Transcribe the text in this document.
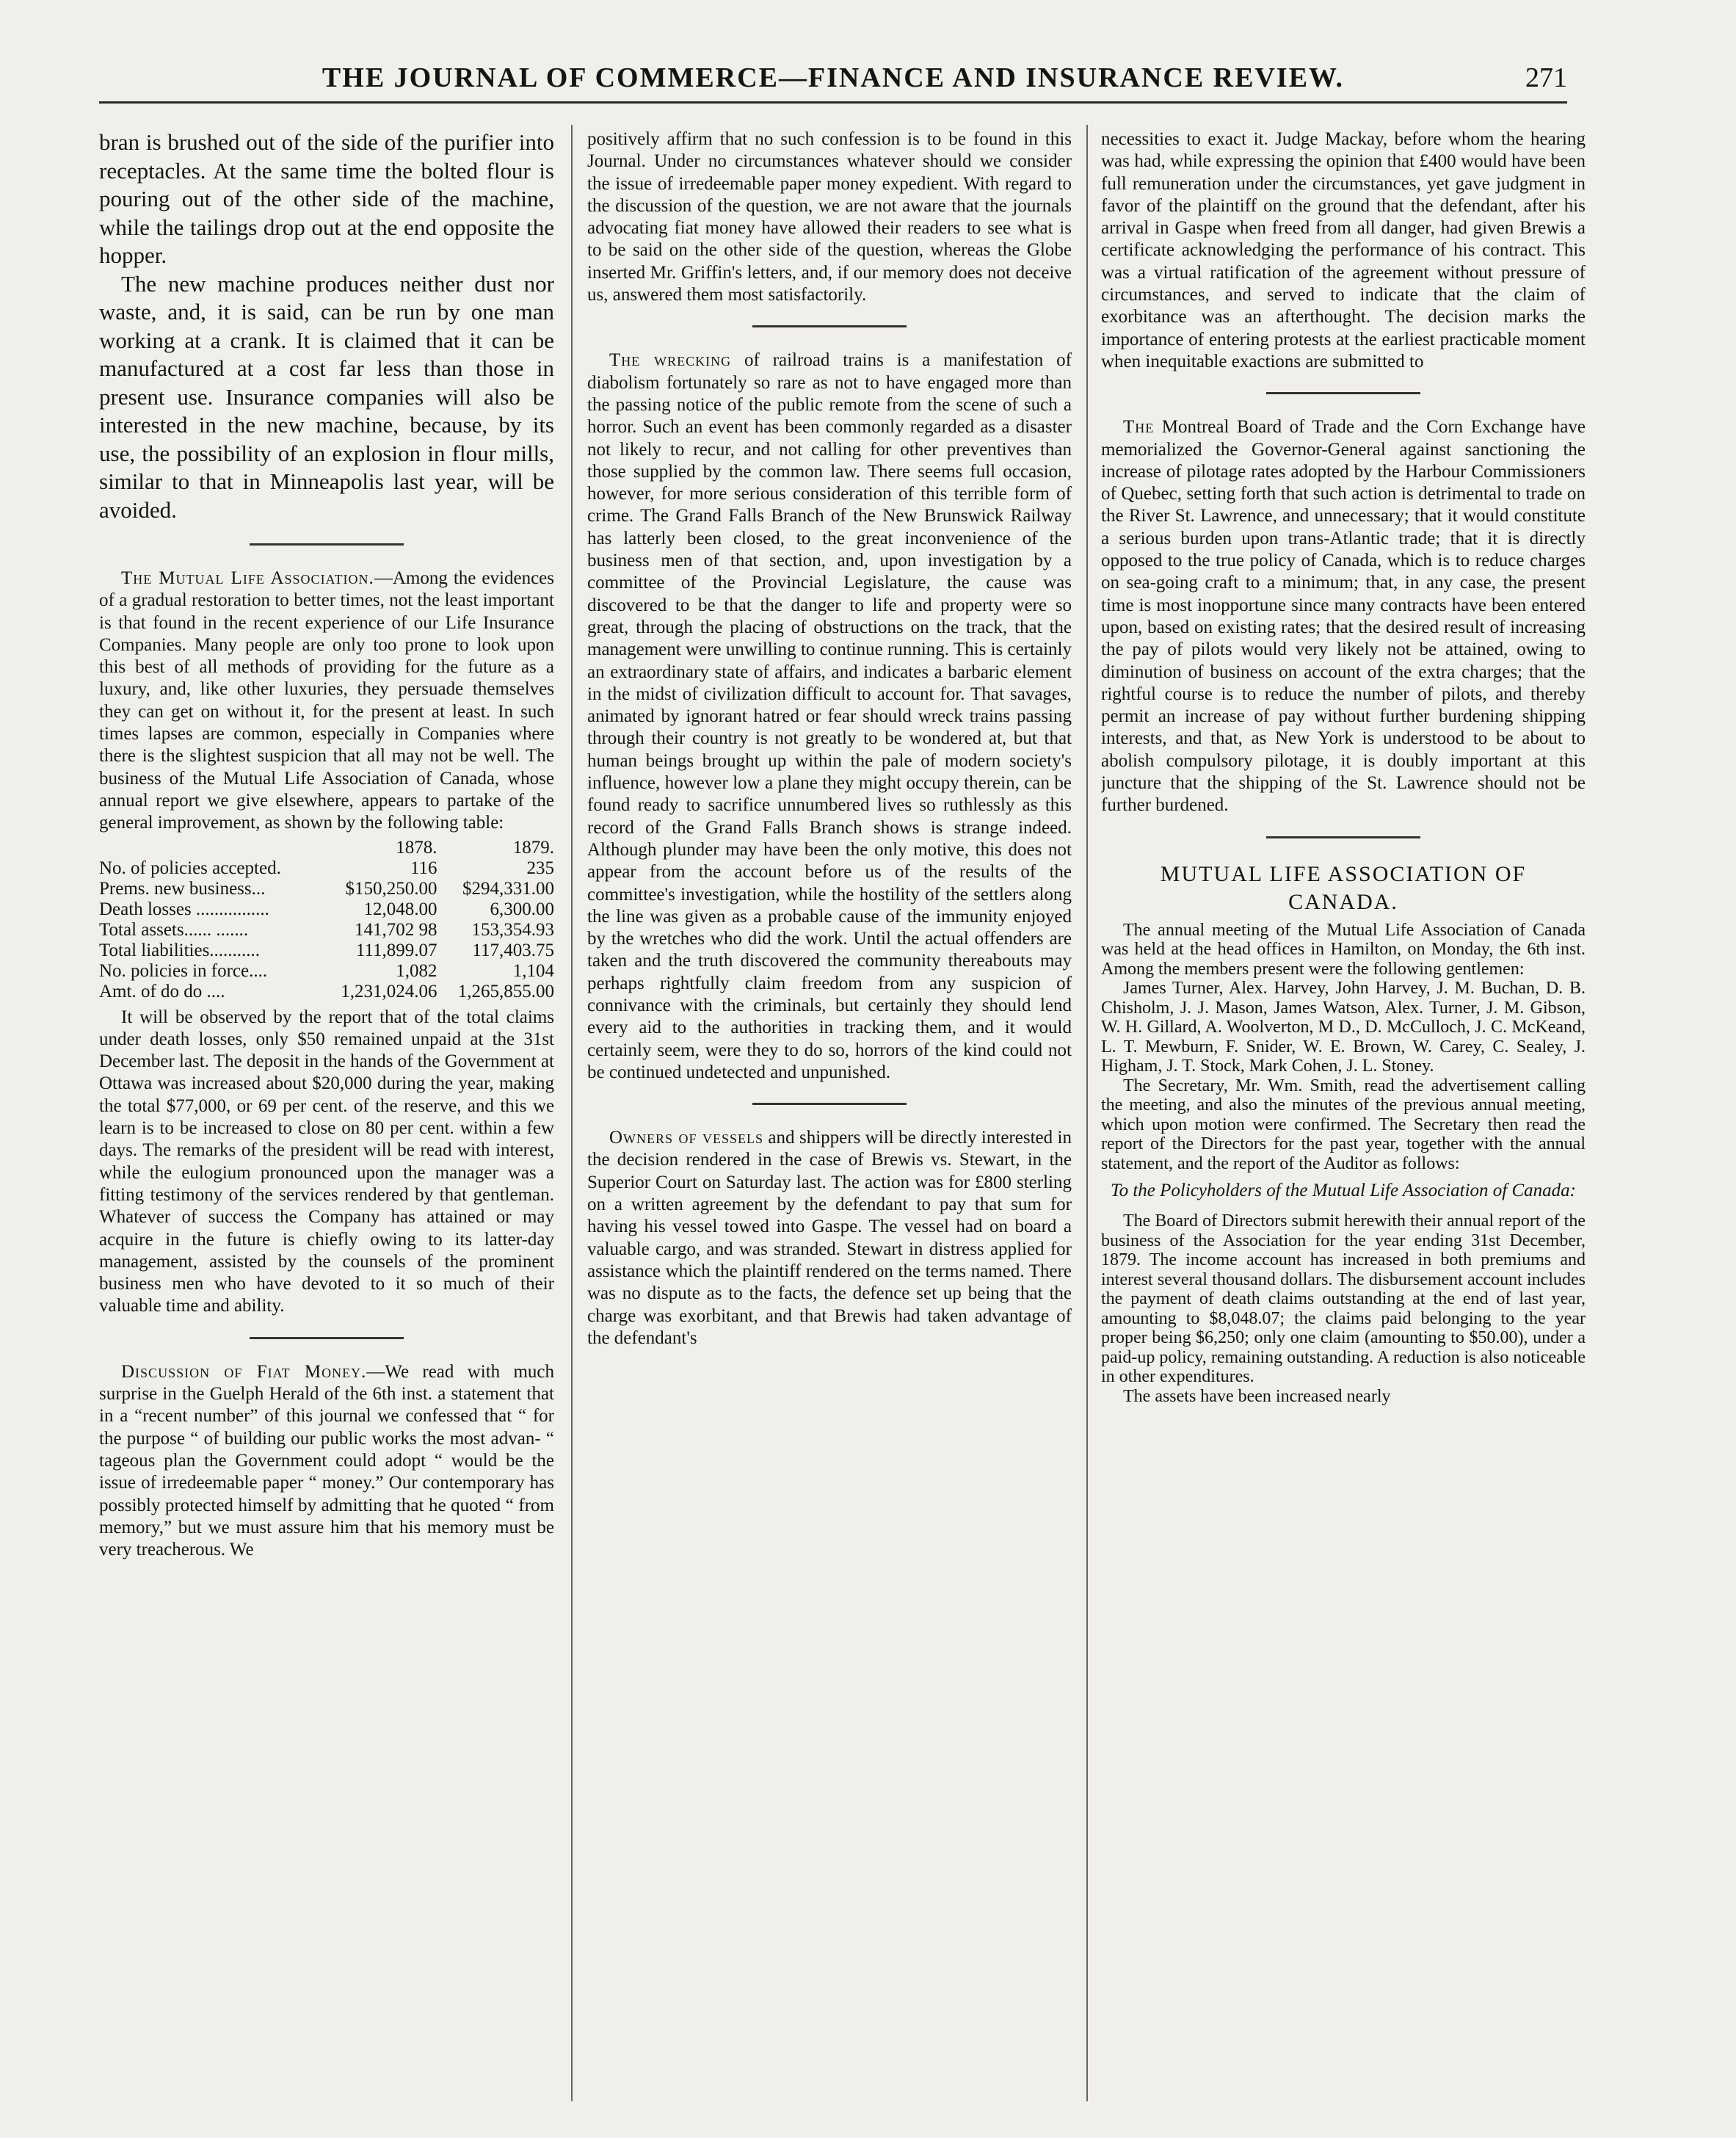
THE JOURNAL OF COMMERCE—FINANCE AND INSURANCE REVIEW.	271

bran is brushed out of the side of the purifier into receptacles. At the same time the bolted flour is pouring out of the other side of the machine, while the tailings drop out at the end opposite the hopper.

The new machine produces neither dust nor waste, and, it is said, can be run by one man working at a crank. It is claimed that it can be manufactured at a cost far less than those in present use. Insurance companies will also be interested in the new machine, because, by its use, the possibility of an explosion in flour mills, similar to that in Minneapolis last year, will be avoided.

The Mutual Life Association.—Among the evidences of a gradual restoration to better times, not the least important is that found in the recent experience of our Life Insurance Companies. Many people are only too prone to look upon this best of all methods of providing for the future as a luxury, and, like other luxuries, they persuade themselves they can get on without it, for the present at least. In such times lapses are common, especially in Companies where there is the slightest suspicion that all may not be well. The business of the Mutual Life Association of Canada, whose annual report we give elsewhere, appears to partake of the general improvement, as shown by the following table:

	1878.	1879.
No. of policies accepted.	116	235
Prems. new business...	$150,250.00	$294,331.00
Death losses ................	12,048.00	6,300.00
Total assets...... .......	141,702 98	153,354.93
Total liabilities...........	111,899.07	117,403.75
No. policies in force....	1,082	1,104
Amt. of do do ....	1,231,024.06	1,265,855.00

It will be observed by the report that of the total claims under death losses, only $50 remained unpaid at the 31st December last. The deposit in the hands of the Government at Ottawa was increased about $20,000 during the year, making the total $77,000, or 69 per cent. of the reserve, and this we learn is to be increased to close on 80 per cent. within a few days. The remarks of the president will be read with interest, while the eulogium pronounced upon the manager was a fitting testimony of the services rendered by that gentleman. Whatever of success the Company has attained or may acquire in the future is chiefly owing to its latter-day management, assisted by the counsels of the prominent business men who have devoted to it so much of their valuable time and ability.

Discussion of Fiat Money.—We read with much surprise in the Guelph Herald of the 6th inst. a statement that in a “recent number” of this journal we confessed that “ for the purpose “ of building our public works the most advan- “ tageous plan the Government could adopt “ would be the issue of irredeemable paper “ money.” Our contemporary has possibly protected himself by admitting that he quoted “ from memory,” but we must assure him that his memory must be very treacherous. We

positively affirm that no such confession is to be found in this Journal. Under no circumstances whatever should we consider the issue of irredeemable paper money expedient. With regard to the discussion of the question, we are not aware that the journals advocating fiat money have allowed their readers to see what is to be said on the other side of the question, whereas the Globe inserted Mr. Griffin's letters, and, if our memory does not deceive us, answered them most satisfactorily.

The wrecking of railroad trains is a manifestation of diabolism fortunately so rare as not to have engaged more than the passing notice of the public remote from the scene of such a horror. Such an event has been commonly regarded as a disaster not likely to recur, and not calling for other preventives than those supplied by the common law. There seems full occasion, however, for more serious consideration of this terrible form of crime. The Grand Falls Branch of the New Brunswick Railway has latterly been closed, to the great inconvenience of the business men of that section, and, upon investigation by a committee of the Provincial Legislature, the cause was discovered to be that the danger to life and property were so great, through the placing of obstructions on the track, that the management were unwilling to continue running. This is certainly an extraordinary state of affairs, and indicates a barbaric element in the midst of civilization difficult to account for. That savages, animated by ignorant hatred or fear should wreck trains passing through their country is not greatly to be wondered at, but that human beings brought up within the pale of modern society's influence, however low a plane they might occupy therein, can be found ready to sacrifice unnumbered lives so ruthlessly as this record of the Grand Falls Branch shows is strange indeed. Although plunder may have been the only motive, this does not appear from the account before us of the results of the committee's investigation, while the hostility of the settlers along the line was given as a probable cause of the immunity enjoyed by the wretches who did the work. Until the actual offenders are taken and the truth discovered the community thereabouts may perhaps rightfully claim freedom from any suspicion of connivance with the criminals, but certainly they should lend every aid to the authorities in tracking them, and it would certainly seem, were they to do so, horrors of the kind could not be continued undetected and unpunished.

Owners of vessels and shippers will be directly interested in the decision rendered in the case of Brewis vs. Stewart, in the Superior Court on Saturday last. The action was for £800 sterling on a written agreement by the defendant to pay that sum for having his vessel towed into Gaspe. The vessel had on board a valuable cargo, and was stranded. Stewart in distress applied for assistance which the plaintiff rendered on the terms named. There was no dispute as to the facts, the defence set up being that the charge was exorbitant, and that Brewis had taken advantage of the defendant's

necessities to exact it. Judge Mackay, before whom the hearing was had, while expressing the opinion that £400 would have been full remuneration under the circumstances, yet gave judgment in favor of the plaintiff on the ground that the defendant, after his arrival in Gaspe when freed from all danger, had given Brewis a certificate acknowledging the performance of his contract. This was a virtual ratification of the agreement without pressure of circumstances, and served to indicate that the claim of exorbitance was an afterthought. The decision marks the importance of entering protests at the earliest practicable moment when inequitable exactions are submitted to

The Montreal Board of Trade and the Corn Exchange have memorialized the Governor-General against sanctioning the increase of pilotage rates adopted by the Harbour Commissioners of Quebec, setting forth that such action is detrimental to trade on the River St. Lawrence, and unnecessary; that it would constitute a serious burden upon trans-Atlantic trade; that it is directly opposed to the true policy of Canada, which is to reduce charges on sea-going craft to a minimum; that, in any case, the present time is most inopportune since many contracts have been entered upon, based on existing rates; that the desired result of increasing the pay of pilots would very likely not be attained, owing to diminution of business on account of the extra charges; that the rightful course is to reduce the number of pilots, and thereby permit an increase of pay without further burdening shipping interests, and that, as New York is understood to be about to abolish compulsory pilotage, it is doubly important at this juncture that the shipping of the St. Lawrence should not be further burdened.

MUTUAL LIFE ASSOCIATION OF
CANADA.

The annual meeting of the Mutual Life Association of Canada was held at the head offices in Hamilton, on Monday, the 6th inst. Among the members present were the following gentlemen:

James Turner, Alex. Harvey, John Harvey, J. M. Buchan, D. B. Chisholm, J. J. Mason, James Watson, Alex. Turner, J. M. Gibson, W. H. Gillard, A. Woolverton, M D., D. McCulloch, J. C. McKeand, L. T. Mewburn, F. Snider, W. E. Brown, W. Carey, C. Sealey, J. Higham, J. T. Stock, Mark Cohen, J. L. Stoney.

The Secretary, Mr. Wm. Smith, read the advertisement calling the meeting, and also the minutes of the previous annual meeting, which upon motion were confirmed. The Secretary then read the report of the Directors for the past year, together with the annual statement, and the report of the Auditor as follows:

To the Policyholders of the Mutual Life Association of Canada:

The Board of Directors submit herewith their annual report of the business of the Association for the year ending 31st December, 1879. The income account has increased in both premiums and interest several thousand dollars. The disbursement account includes the payment of death claims outstanding at the end of last year, amounting to $8,048.07; the claims paid belonging to the year proper being $6,250; only one claim (amounting to $50.00), under a paid-up policy, remaining outstanding. A reduction is also noticeable in other expenditures.

The assets have been increased nearly
